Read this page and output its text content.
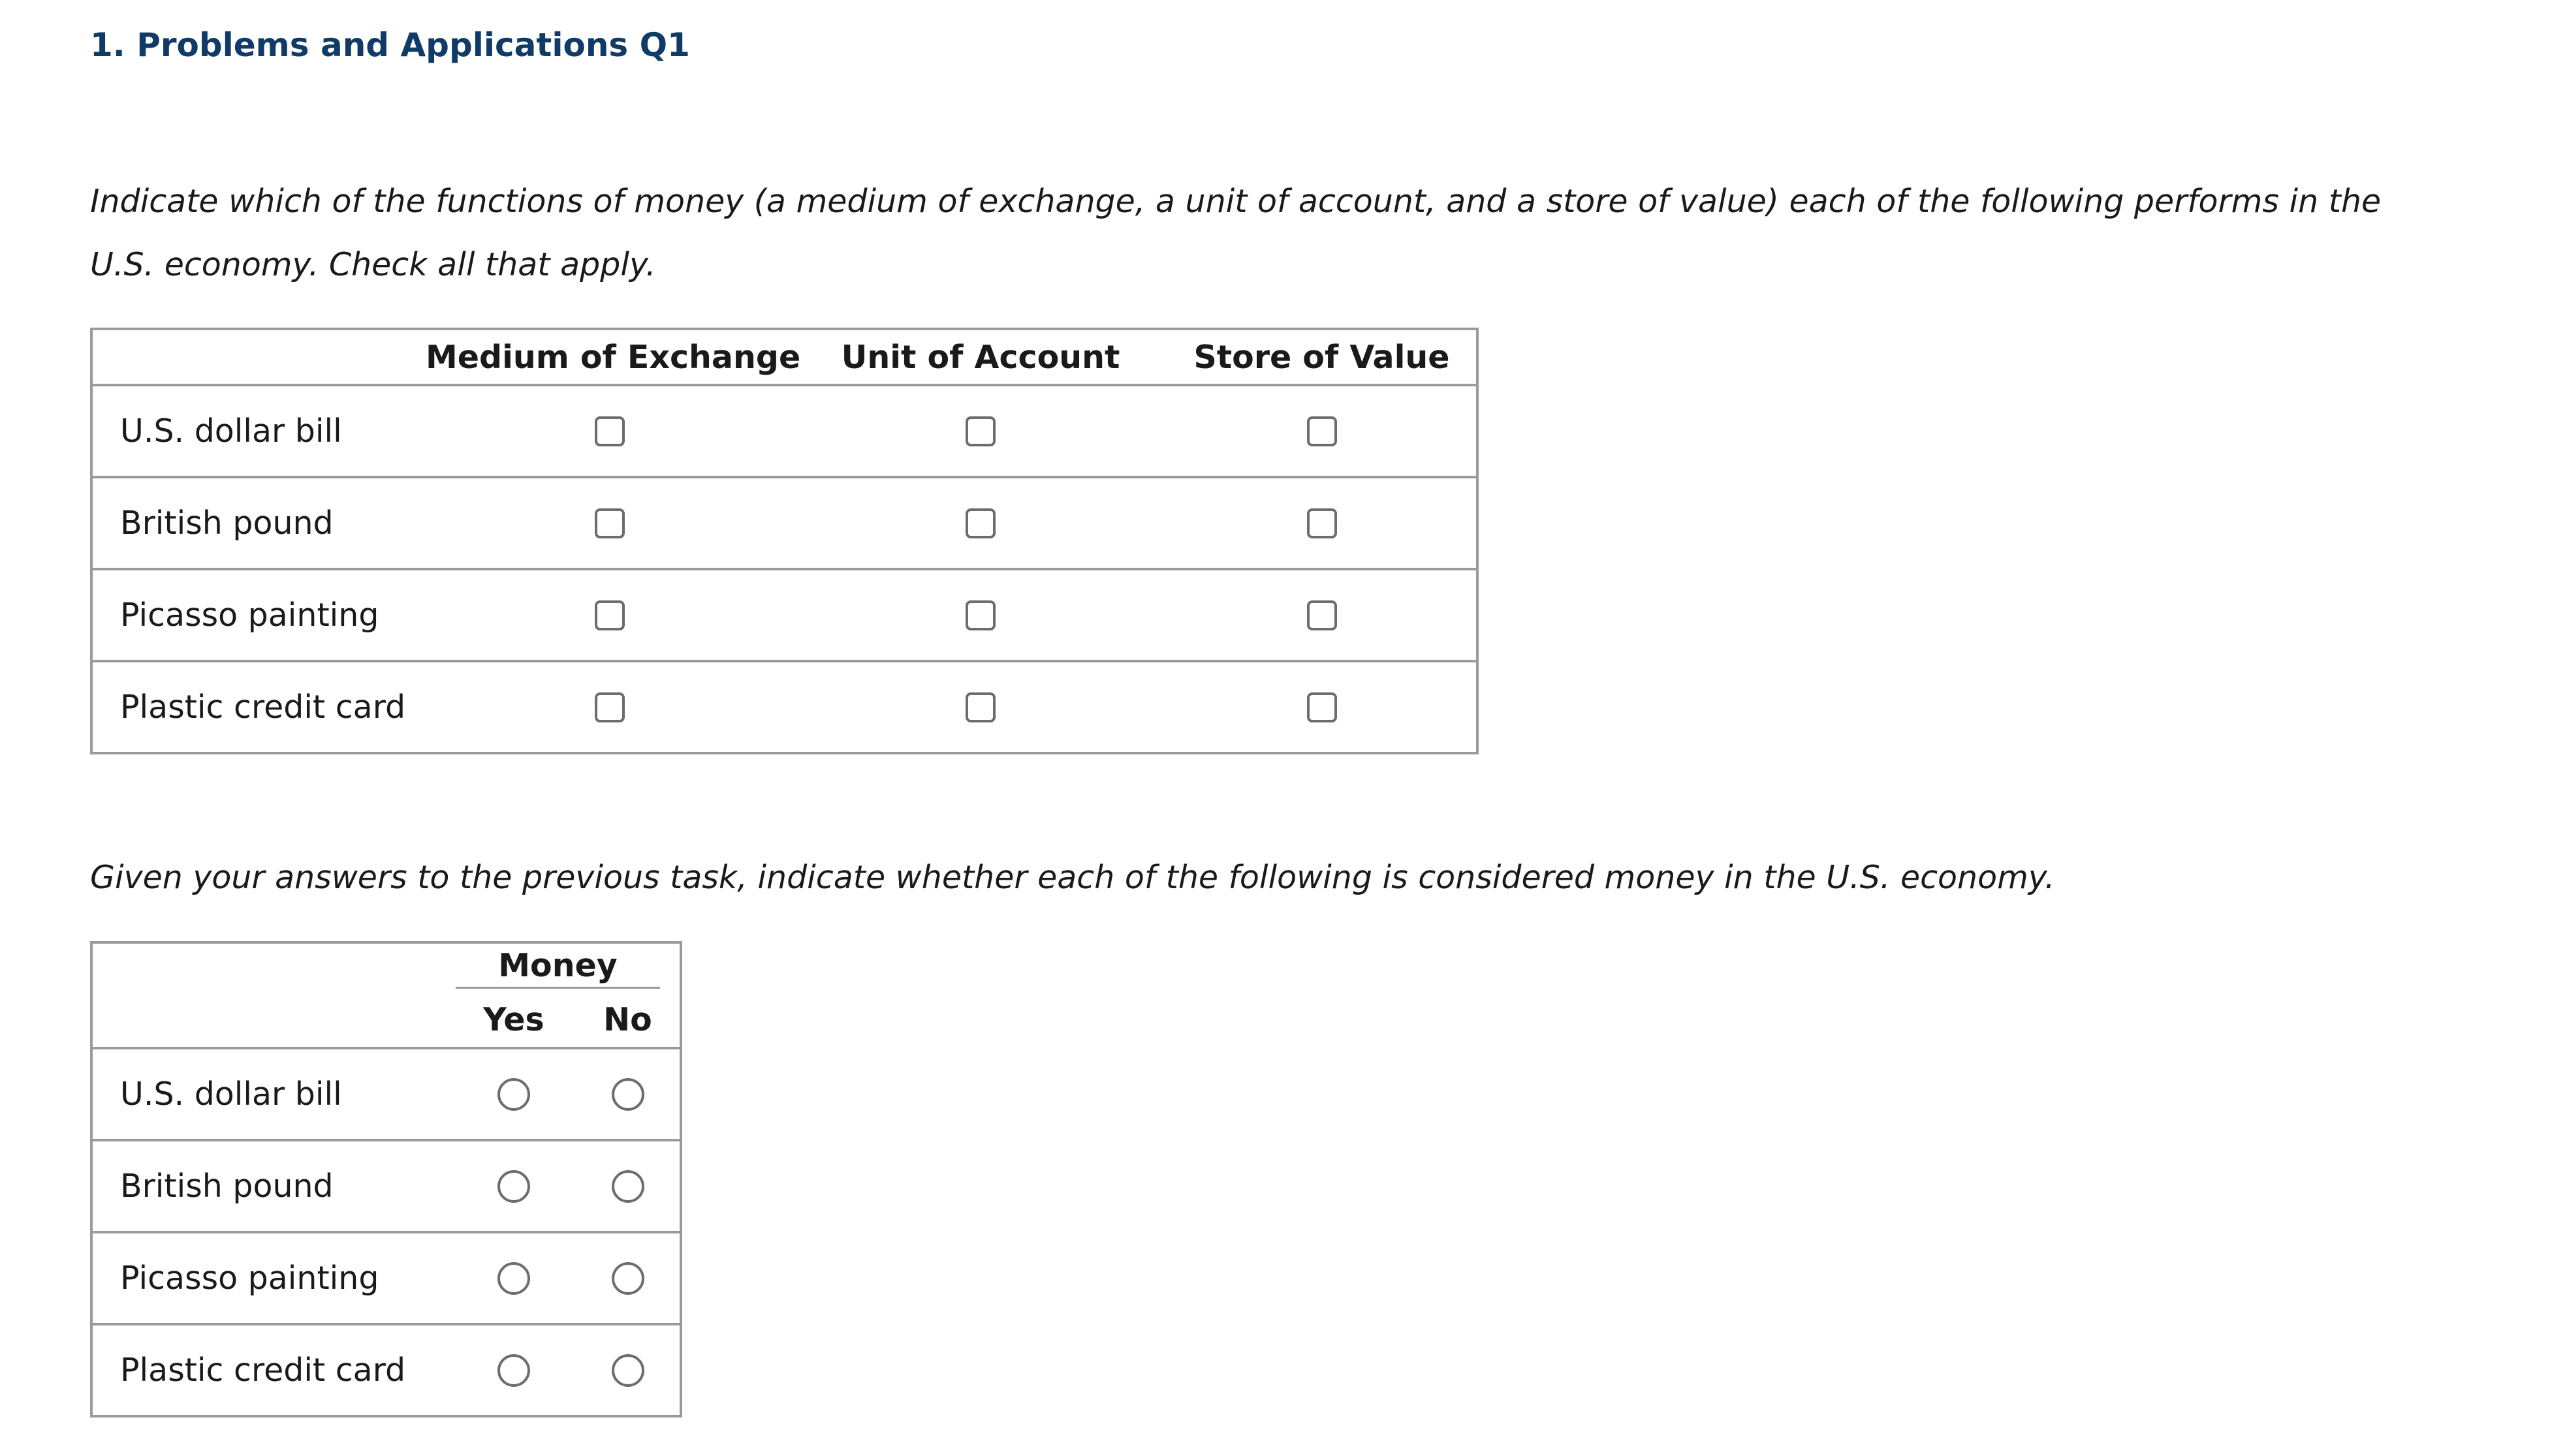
1. Problems and Applications Q1

Indicate which of the functions of money (a medium of exchange, a unit of account, and a store of value) each of the following performs in the U.S. economy. Check all that apply.

	Medium of Exchange	Unit of Account	Store of Value
U.S. dollar bill			
British pound			
Picasso painting			
Plastic credit card			

Given your answers to the previous task, indicate whether each of the following is considered money in the U.S. economy.

	Money	

	Yes	No
U.S. dollar bill		
British pound		
Picasso painting		
Plastic credit card		
